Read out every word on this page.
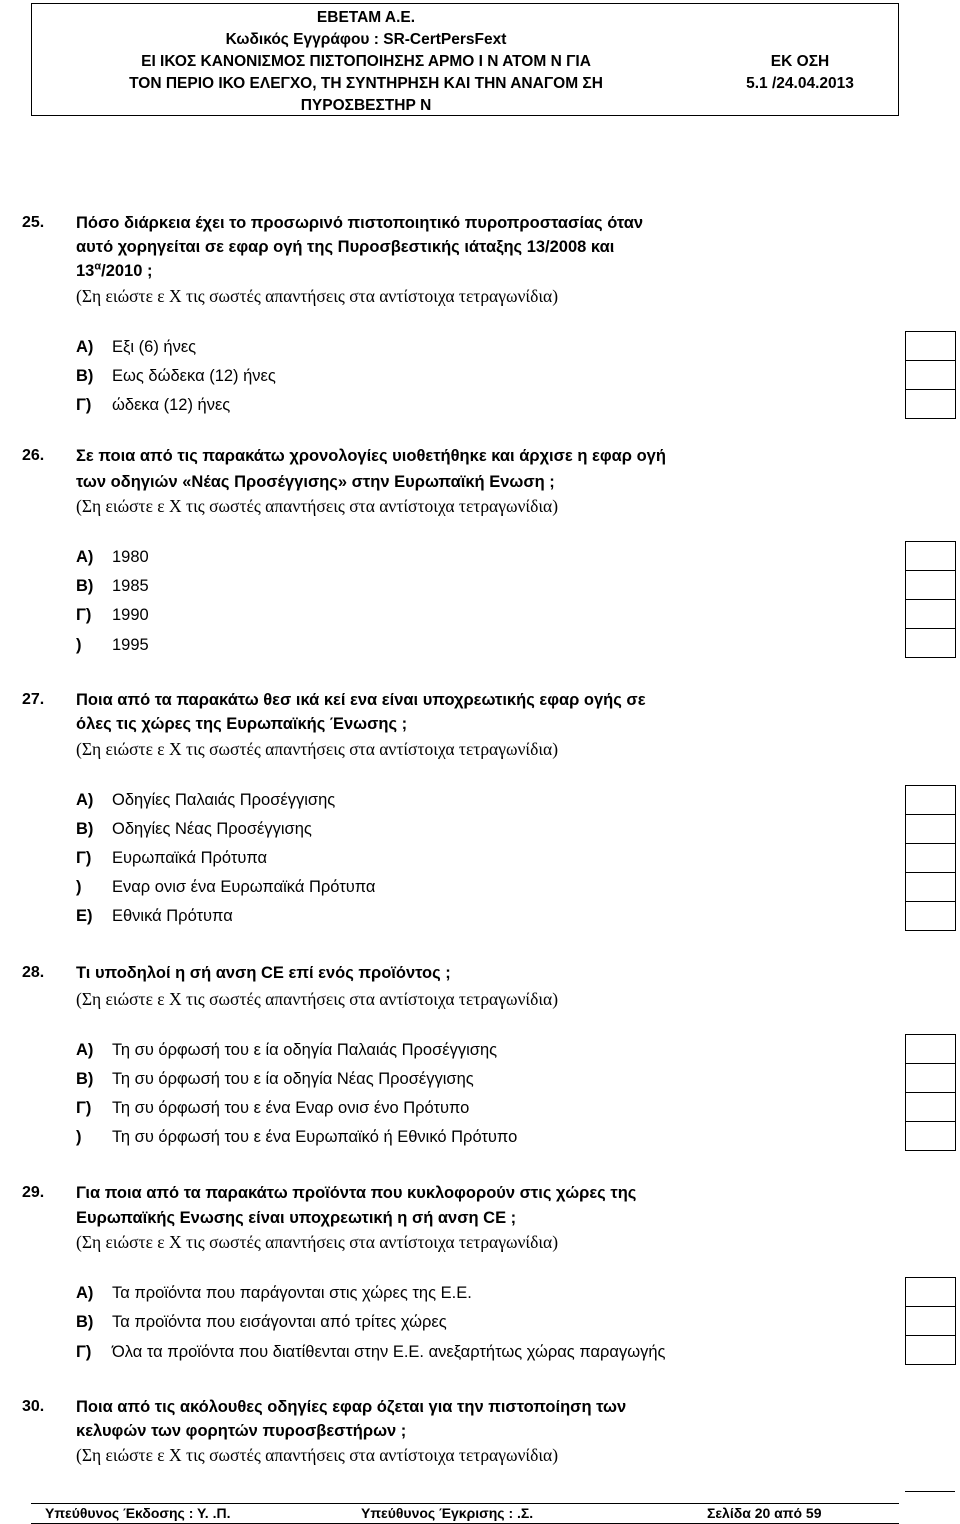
ΕΒΕΤΑΜ Α.Ε.
Κωδικός Εγγράφου : SR-CertPersFext
ΕΙ ΙΚΟΣ ΚΑΝΟΝΙΣΜΟΣ ΠΙΣΤΟΠΟΙΗΣΗΣ ΑΡΜΟ Ι Ν ΑΤΟΜ Ν ΓΙΑ
ΤΟΝ ΠΕΡΙΟ ΙΚΟ ΕΛΕΓΧΟ, ΤΗ ΣΥΝΤΗΡΗΣΗ ΚΑΙ ΤΗΝ ΑΝΑΓΟΜ ΣΗ
ΠΥΡΟΣΒΕΣΤΗΡ Ν
ΕΚ ΟΣΗ
5.1 /24.04.2013
25. Πόσο διάρκεια έχει το προσωρινό πιστοποιητικό πυροπροστασίας όταν
αυτό χορηγείται σε εφαρ ογή της Πυροσβεστικής ιάταξης 13/2008 και
$13^\alpha/2010$ ;
(Ση ειώστε ε Χ τις σωστές απαντήσεις στα αντίστοιχα τετραγωνίδια)
Α) Εξι (6) ήνες
Β) Εως δώδεκα (12) ήνες
Γ) ώδεκα (12) ήνες
26. Σε ποια από τις παρακάτω χρονολογίες υιοθετήθηκε και άρχισε η εφαρ ογή
των οδηγιών «Νέας Προσέγγισης» στην Ευρωπαϊκή Ενωση ;
(Ση ειώστε ε Χ τις σωστές απαντήσεις στα αντίστοιχα τετραγωνίδια)
Α) 1980
Β) 1985
Γ) 1990
) 1995
27. Ποια από τα παρακάτω θεσ ικά κεί ενα είναι υποχρεωτικής εφαρ ογής σε
όλες τις χώρες της Ευρωπαϊκής Ένωσης ;
(Ση ειώστε ε Χ τις σωστές απαντήσεις στα αντίστοιχα τετραγωνίδια)
Α) Οδηγίες Παλαιάς Προσέγγισης
Β) Οδηγίες Νέας Προσέγγισης
Γ) Ευρωπαϊκά Πρότυπα
) Εναρ ονισ ένα Ευρωπαϊκά Πρότυπα
Ε) Εθνικά Πρότυπα
28. Τι υποδηλοί η σή ανση CE επί ενός προϊόντος ;
(Ση ειώστε ε Χ τις σωστές απαντήσεις στα αντίστοιχα τετραγωνίδια)
Α) Τη συ όρφωσή του ε ία οδηγία Παλαιάς Προσέγγισης
Β) Τη συ όρφωσή του ε ία οδηγία Νέας Προσέγγισης
Γ) Τη συ όρφωσή του ε ένα Εναρ ονισ ένο Πρότυπο
) Τη συ όρφωσή του ε ένα Ευρωπαϊκό ή Εθνικό Πρότυπο
29. Για ποια από τα παρακάτω προϊόντα που κυκλοφορούν στις χώρες της
Ευρωπαϊκής Ενωσης είναι υποχρεωτική η σή ανση CE ;
(Ση ειώστε ε Χ τις σωστές απαντήσεις στα αντίστοιχα τετραγωνίδια)
Α) Τα προϊόντα που παράγονται στις χώρες της Ε.Ε.
Β) Τα προϊόντα που εισάγονται από τρίτες χώρες
Γ) Όλα τα προϊόντα που διατίθενται στην Ε.Ε. ανεξαρτήτως χώρας παραγωγής
30. Ποια από τις ακόλουθες οδηγίες εφαρ όζεται για την πιστοποίηση των
κελυφών των φορητών πυροσβεστήρων ;
(Ση ειώστε ε Χ τις σωστές απαντήσεις στα αντίστοιχα τετραγωνίδια)
Υπεύθυνος Έκδοσης : Υ. .Π.	Υπεύθυνος Έγκρισης : .Σ.	Σελίδα 20 από 59
